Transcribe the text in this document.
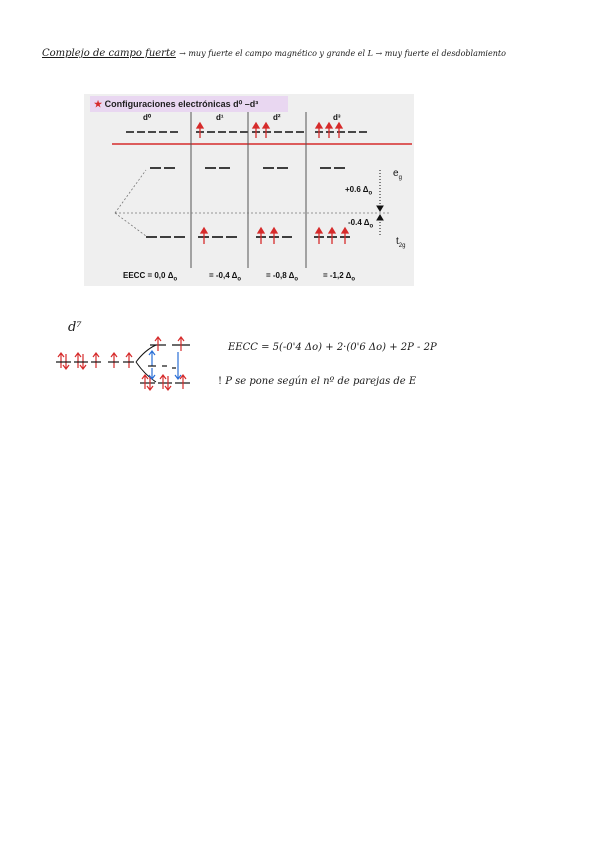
Complejo de campo fuerte → muy fuerte el campo magnético y grande el L → muy fuerte el desdoblamiento
★ Configuraciones electrónicas d⁰ –d³
d⁰	d¹	d²	d³
$e_g$
$t_{2g}$
+0.6 $\Delta_o$
-0.4 $\Delta_o$
EECC = 0,0 $\Delta_o$	= -0,4 $\Delta_o$	= -0,8 $\Delta_o$	= -1,2 $\Delta_o$
d⁷
EECC = 5(-0'4 Δo) + 2·(0'6 Δo) + 2P - 2P
! P se pone según el nº de parejas de E
